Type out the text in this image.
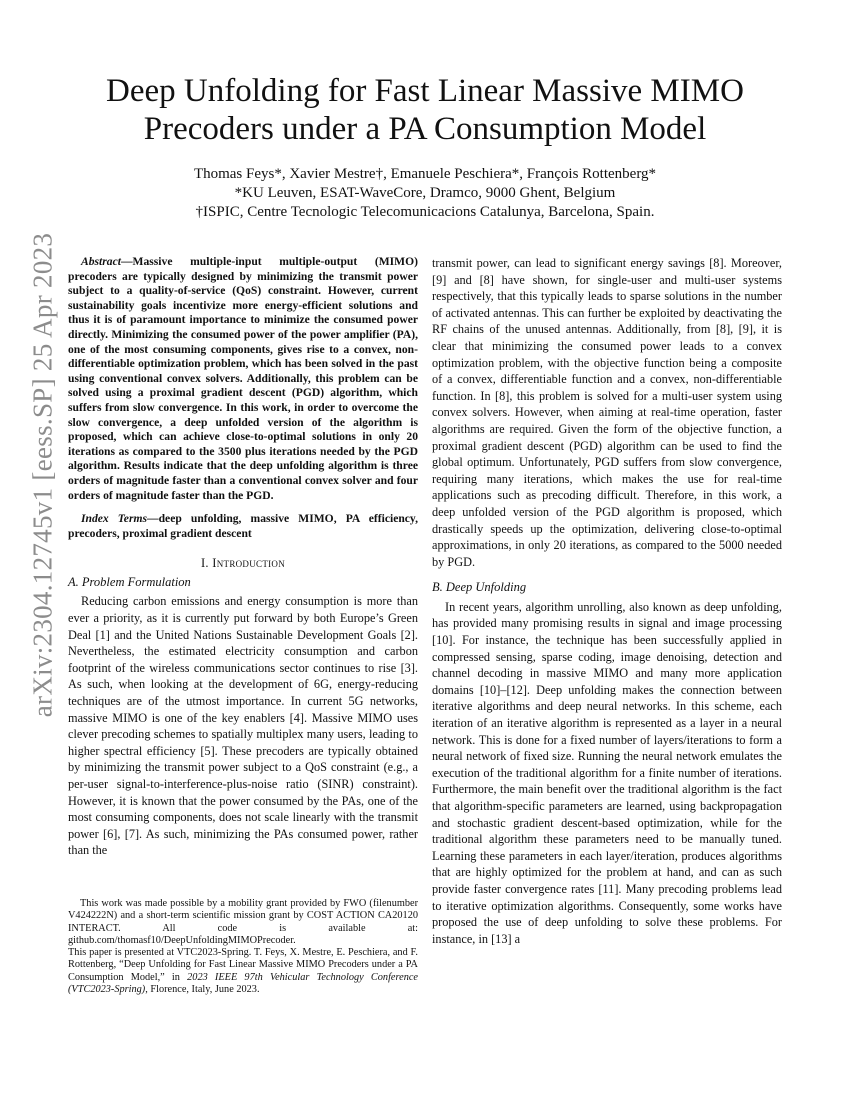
arXiv:2304.12745v1 [eess.SP] 25 Apr 2023
Deep Unfolding for Fast Linear Massive MIMO
Precoders under a PA Consumption Model
Thomas Feys*, Xavier Mestre†, Emanuele Peschiera*, François Rottenberg*
*KU Leuven, ESAT-WaveCore, Dramco, 9000 Ghent, Belgium
†ISPIC, Centre Tecnologic Telecomunicacions Catalunya, Barcelona, Spain.

Abstract—Massive multiple-input multiple-output (MIMO) precoders are typically designed by minimizing the transmit power subject to a quality-of-service (QoS) constraint. However, current sustainability goals incentivize more energy-efficient solutions and thus it is of paramount importance to minimize the consumed power directly. Minimizing the consumed power of the power amplifier (PA), one of the most consuming components, gives rise to a convex, non-differentiable optimization problem, which has been solved in the past using conventional convex solvers. Additionally, this problem can be solved using a proximal gradient descent (PGD) algorithm, which suffers from slow convergence. In this work, in order to overcome the slow convergence, a deep unfolded version of the algorithm is proposed, which can achieve close-to-optimal solutions in only 20 iterations as compared to the 3500 plus iterations needed by the PGD algorithm. Results indicate that the deep unfolding algorithm is three orders of magnitude faster than a conventional convex solver and four orders of magnitude faster than the PGD.

Index Terms—deep unfolding, massive MIMO, PA efficiency, precoders, proximal gradient descent

I. Introduction
A. Problem Formulation

Reducing carbon emissions and energy consumption is more than ever a priority, as it is currently put forward by both Europe’s Green Deal [1] and the United Nations Sustainable Development Goals [2]. Nevertheless, the estimated electricity consumption and carbon footprint of the wireless communications sector continues to rise [3]. As such, when looking at the development of 6G, energy-reducing techniques are of the utmost importance. In current 5G networks, massive MIMO is one of the key enablers [4]. Massive MIMO uses clever precoding schemes to spatially multiplex many users, leading to higher spectral efficiency [5]. These precoders are typically obtained by minimizing the transmit power subject to a QoS constraint (e.g., a per-user signal-to-interference-plus-noise ratio (SINR) constraint). However, it is known that the power consumed by the PAs, one of the most consuming components, does not scale linearly with the transmit power [6], [7]. As such, minimizing the PAs consumed power, rather than the

This work was made possible by a mobility grant provided by FWO (filenumber V424222N) and a short-term scientific mission grant by COST ACTION CA20120 INTERACT. All code is available at: github.com/thomasf10/DeepUnfoldingMIMOPrecoder.

This paper is presented at VTC2023-Spring. T. Feys, X. Mestre, E. Peschiera, and F. Rottenberg, “Deep Unfolding for Fast Linear Massive MIMO Precoders under a PA Consumption Model,” in 2023 IEEE 97th Vehicular Technology Conference (VTC2023-Spring), Florence, Italy, June 2023.

transmit power, can lead to significant energy savings [8]. Moreover, [9] and [8] have shown, for single-user and multi-user systems respectively, that this typically leads to sparse solutions in the number of activated antennas. This can further be exploited by deactivating the RF chains of the unused antennas. Additionally, from [8], [9], it is clear that minimizing the consumed power leads to a convex optimization problem, with the objective function being a composite of a convex, differentiable function and a convex, non-differentiable function. In [8], this problem is solved for a multi-user system using convex solvers. However, when aiming at real-time operation, faster algorithms are required. Given the form of the objective function, a proximal gradient descent (PGD) algorithm can be used to find the global optimum. Unfortunately, PGD suffers from slow convergence, requiring many iterations, which makes the use for real-time applications such as precoding difficult. Therefore, in this work, a deep unfolded version of the PGD algorithm is proposed, which drastically speeds up the optimization, delivering close-to-optimal approximations, in only 20 iterations, as compared to the 5000 needed by PGD.

B. Deep Unfolding

In recent years, algorithm unrolling, also known as deep unfolding, has provided many promising results in signal and image processing [10]. For instance, the technique has been successfully applied in compressed sensing, sparse coding, image denoising, detection and channel decoding in massive MIMO and many more application domains [10]–[12]. Deep unfolding makes the connection between iterative algorithms and deep neural networks. In this scheme, each iteration of an iterative algorithm is represented as a layer in a neural network. This is done for a fixed number of layers/iterations to form a neural network of fixed size. Running the neural network emulates the execution of the traditional algorithm for a finite number of iterations. Furthermore, the main benefit over the traditional algorithm is the fact that algorithm-specific parameters are learned, using backpropagation and stochastic gradient descent-based optimization, while for the traditional algorithm these parameters need to be manually tuned. Learning these parameters in each layer/iteration, produces algorithms that are highly optimized for the problem at hand, and can as such provide faster convergence rates [11]. Many precoding problems lead to iterative optimization algorithms. Consequently, some works have proposed the use of deep unfolding to solve these problems. For instance, in [13] a
